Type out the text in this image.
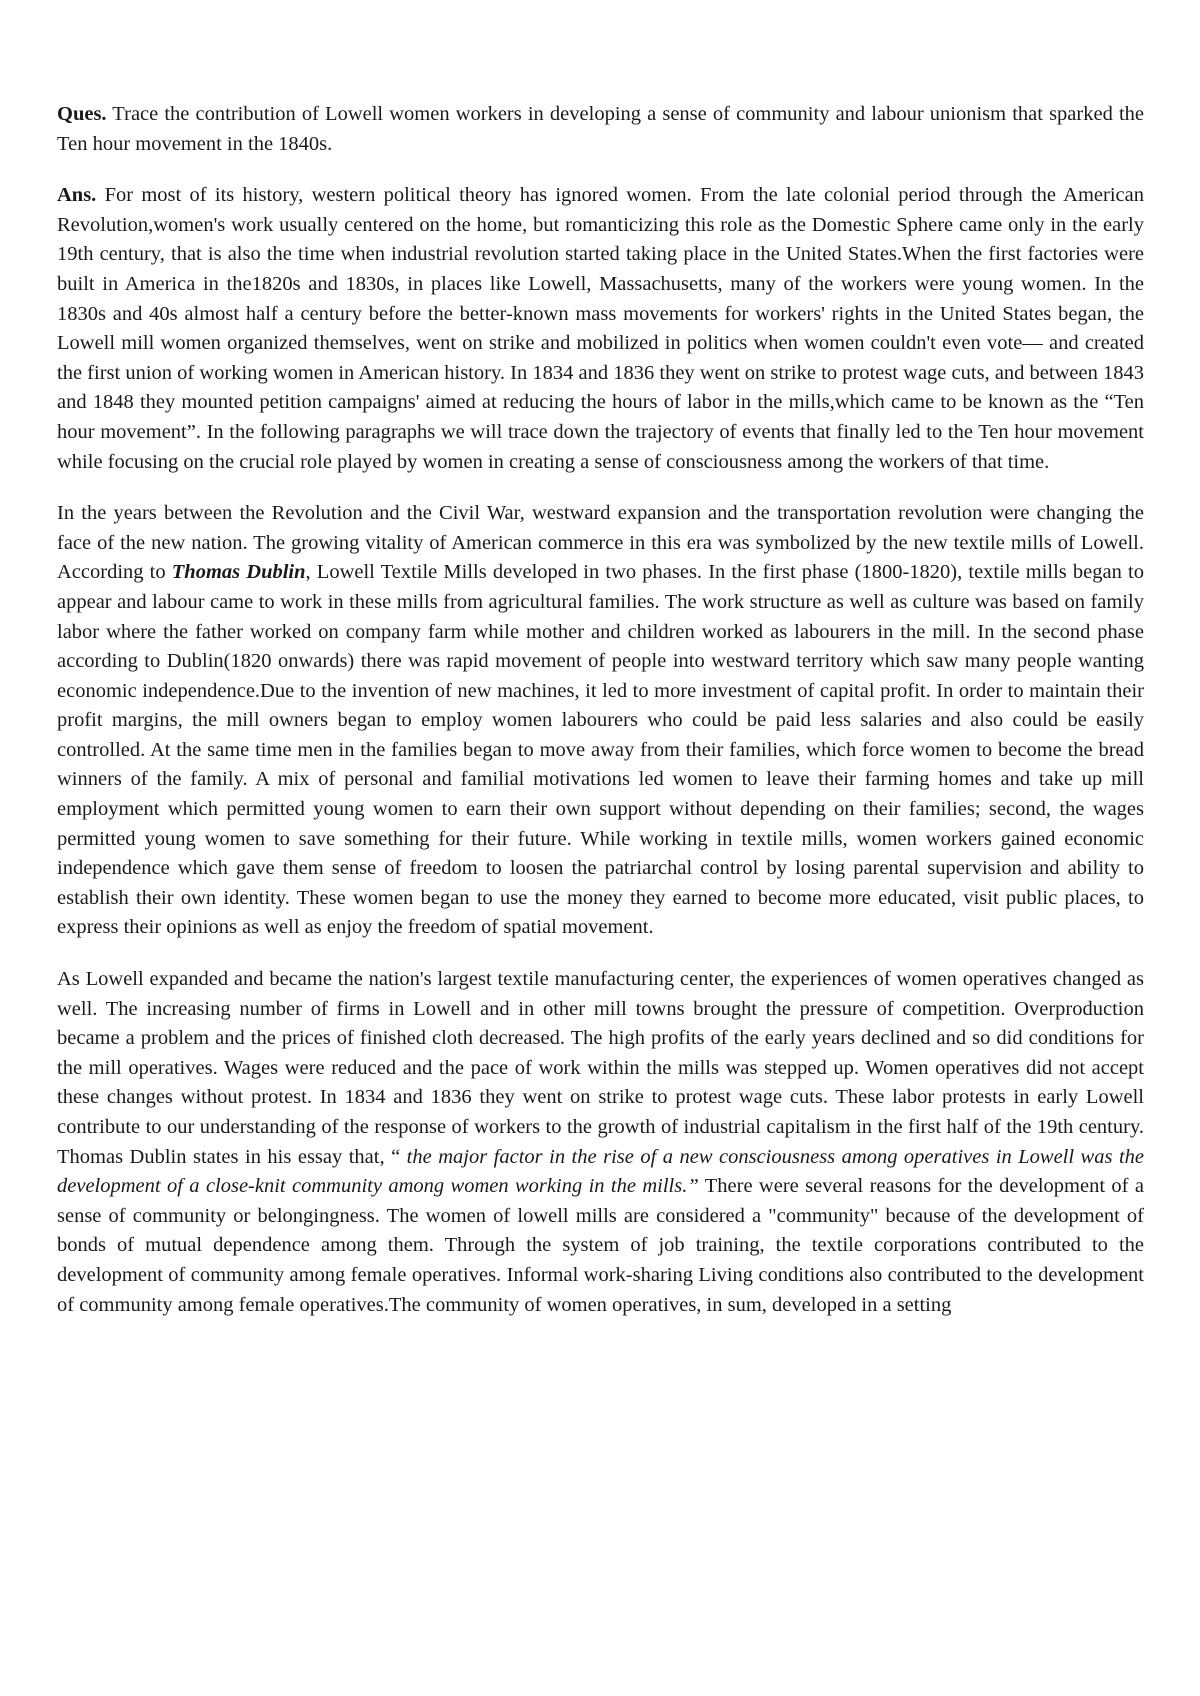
Ques. Trace the contribution of Lowell women workers in developing a sense of community and labour unionism that sparked the Ten hour movement in the 1840s.

Ans. For most of its history, western political theory has ignored women. From the late colonial period through the American Revolution,women's work usually centered on the home, but romanticizing this role as the Domestic Sphere came only in the early 19th century, that is also the time when industrial revolution started taking place in the United States.When the first factories were built in America in the1820s and 1830s, in places like Lowell, Massachusetts, many of the workers were young women. In the 1830s and 40s almost half a century before the better-known mass movements for workers' rights in the United States began, the Lowell mill women organized themselves, went on strike and mobilized in politics when women couldn't even vote— and created the first union of working women in American history. In 1834 and 1836 they went on strike to protest wage cuts, and between 1843 and 1848 they mounted petition campaigns' aimed at reducing the hours of labor in the mills,which came to be known as the “Ten hour movement”. In the following paragraphs we will trace down the trajectory of events that finally led to the Ten hour movement while focusing on the crucial role played by women in creating a sense of consciousness among the workers of that time.

In the years between the Revolution and the Civil War, westward expansion and the transportation revolution were changing the face of the new nation. The growing vitality of American commerce in this era was symbolized by the new textile mills of Lowell. According to Thomas Dublin, Lowell Textile Mills developed in two phases. In the first phase (1800-1820), textile mills began to appear and labour came to work in these mills from agricultural families. The work structure as well as culture was based on family labor where the father worked on company farm while mother and children worked as labourers in the mill. In the second phase according to Dublin(1820 onwards) there was rapid movement of people into westward territory which saw many people wanting economic independence.Due to the invention of new machines, it led to more investment of capital profit. In order to maintain their profit margins, the mill owners began to employ women labourers who could be paid less salaries and also could be easily controlled. At the same time men in the families began to move away from their families, which force women to become the bread winners of the family. A mix of personal and familial motivations led women to leave their farming homes and take up mill employment which permitted young women to earn their own support without depending on their families; second, the wages permitted young women to save something for their future. While working in textile mills, women workers gained economic independence which gave them sense of freedom to loosen the patriarchal control by losing parental supervision and ability to establish their own identity. These women began to use the money they earned to become more educated, visit public places, to express their opinions as well as enjoy the freedom of spatial movement.

As Lowell expanded and became the nation's largest textile manufacturing center, the experiences of women operatives changed as well. The increasing number of firms in Lowell and in other mill towns brought the pressure of competition. Overproduction became a problem and the prices of finished cloth decreased. The high profits of the early years declined and so did conditions for the mill operatives. Wages were reduced and the pace of work within the mills was stepped up. Women operatives did not accept these changes without protest. In 1834 and 1836 they went on strike to protest wage cuts. These labor protests in early Lowell contribute to our understanding of the response of workers to the growth of industrial capitalism in the first half of the 19th century. Thomas Dublin states in his essay that, “ the major factor in the rise of a new consciousness among operatives in Lowell was the development of a close-knit community among women working in the mills.” There were several reasons for the development of a sense of community or belongingness. The women of lowell mills are considered a "community" because of the development of bonds of mutual dependence among them. Through the system of job training, the textile corporations contributed to the development of community among female operatives. Informal work-sharing Living conditions also contributed to the development of community among female operatives.The community of women operatives, in sum, developed in a setting
